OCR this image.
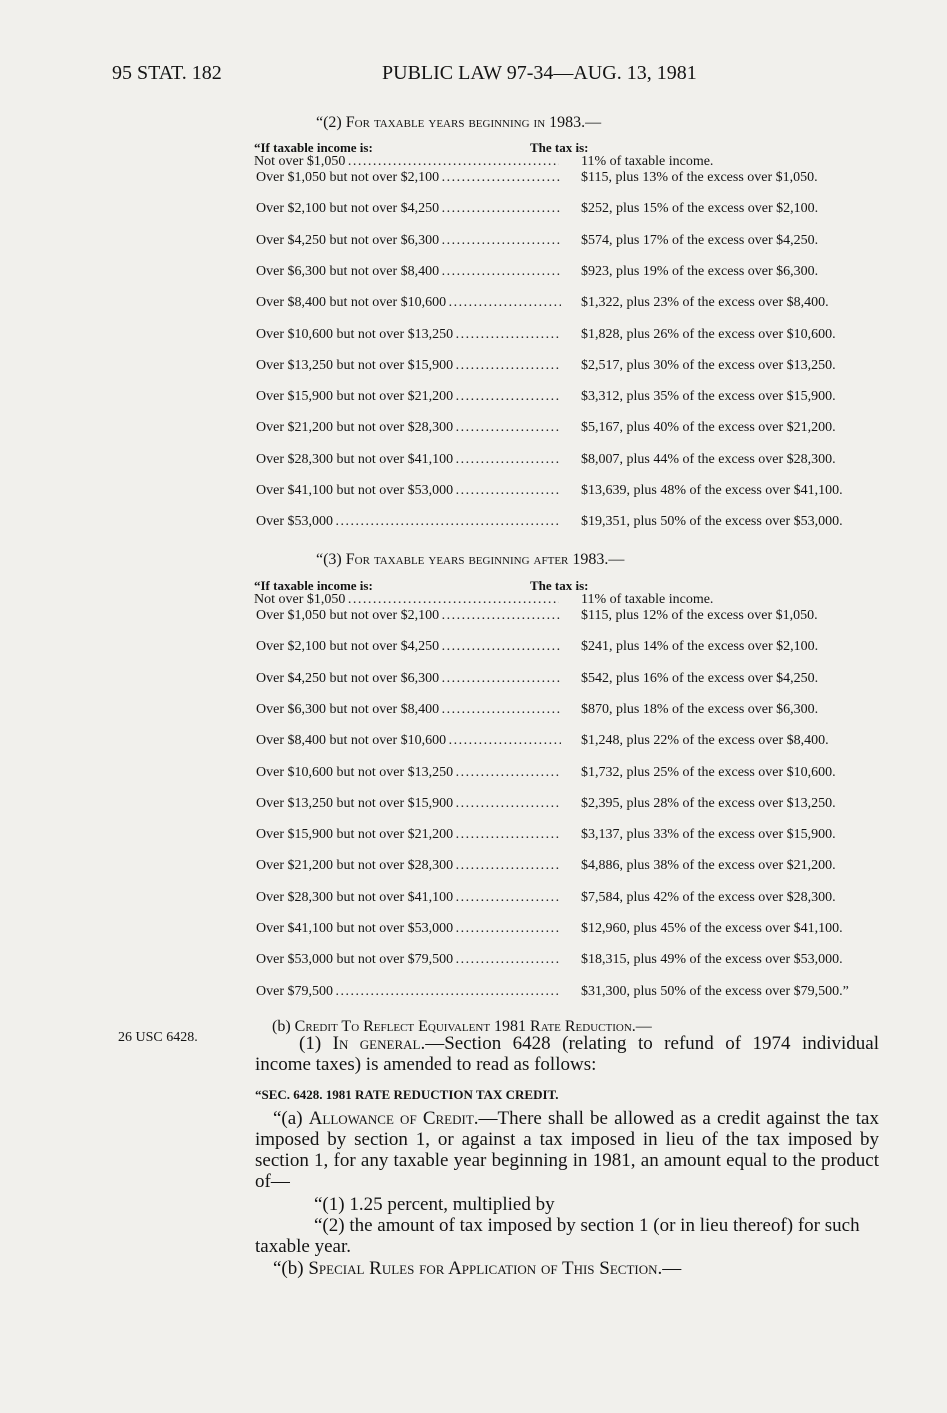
95 STAT. 182	PUBLIC LAW 97-34—AUG. 13, 1981
“(2) For taxable years beginning in 1983.—
“If taxable income is:	The tax is:
Not over $1,050 . . .	11% of taxable income.
Over $1,050 but not over $2,100 . . .	$115, plus 13% of the excess over $1,050.
Over $2,100 but not over $4,250 . . .	$252, plus 15% of the excess over $2,100.
Over $4,250 but not over $6,300 . . .	$574, plus 17% of the excess over $4,250.
Over $6,300 but not over $8,400 . . .	$923, plus 19% of the excess over $6,300.
Over $8,400 but not over $10,600 . . .	$1,322, plus 23% of the excess over $8,400.
Over $10,600 but not over $13,250 . . .	$1,828, plus 26% of the excess over $10,600.
Over $13,250 but not over $15,900 . . .	$2,517, plus 30% of the excess over $13,250.
Over $15,900 but not over $21,200 . . .	$3,312, plus 35% of the excess over $15,900.
Over $21,200 but not over $28,300 . . .	$5,167, plus 40% of the excess over $21,200.
Over $28,300 but not over $41,100 . . .	$8,007, plus 44% of the excess over $28,300.
Over $41,100 but not over $53,000 . . .	$13,639, plus 48% of the excess over $41,100.
Over $53,000 . . .	$19,351, plus 50% of the excess over $53,000.
“(3) For taxable years beginning after 1983.—
“If taxable income is:	The tax is:
Not over $1,050 . . .	11% of taxable income.
Over $1,050 but not over $2,100 . . .	$115, plus 12% of the excess over $1,050.
Over $2,100 but not over $4,250 . . .	$241, plus 14% of the excess over $2,100.
Over $4,250 but not over $6,300 . . .	$542, plus 16% of the excess over $4,250.
Over $6,300 but not over $8,400 . . .	$870, plus 18% of the excess over $6,300.
Over $8,400 but not over $10,600 . . .	$1,248, plus 22% of the excess over $8,400.
Over $10,600 but not over $13,250 . . .	$1,732, plus 25% of the excess over $10,600.
Over $13,250 but not over $15,900 . . .	$2,395, plus 28% of the excess over $13,250.
Over $15,900 but not over $21,200 . . .	$3,137, plus 33% of the excess over $15,900.
Over $21,200 but not over $28,300 . . .	$4,886, plus 38% of the excess over $21,200.
Over $28,300 but not over $41,100 . . .	$7,584, plus 42% of the excess over $28,300.
Over $41,100 but not over $53,000 . . .	$12,960, plus 45% of the excess over $41,100.
Over $53,000 but not over $79,500 . . .	$18,315, plus 49% of the excess over $53,000.
Over $79,500 . . .	$31,300, plus 50% of the excess over $79,500.”
(b) Credit To Reflect Equivalent 1981 Rate Reduction.—
26 USC 6428.	(1) In general.—Section 6428 (relating to refund of 1974 individual income taxes) is amended to read as follows:
“SEC. 6428. 1981 RATE REDUCTION TAX CREDIT.
“(a) Allowance of Credit.—There shall be allowed as a credit against the tax imposed by section 1, or against a tax imposed in lieu of the tax imposed by section 1, for any taxable year beginning in 1981, an amount equal to the product of—
“(1) 1.25 percent, multiplied by
“(2) the amount of tax imposed by section 1 (or in lieu thereof) for such taxable year.
“(b) Special Rules for Application of This Section.—
